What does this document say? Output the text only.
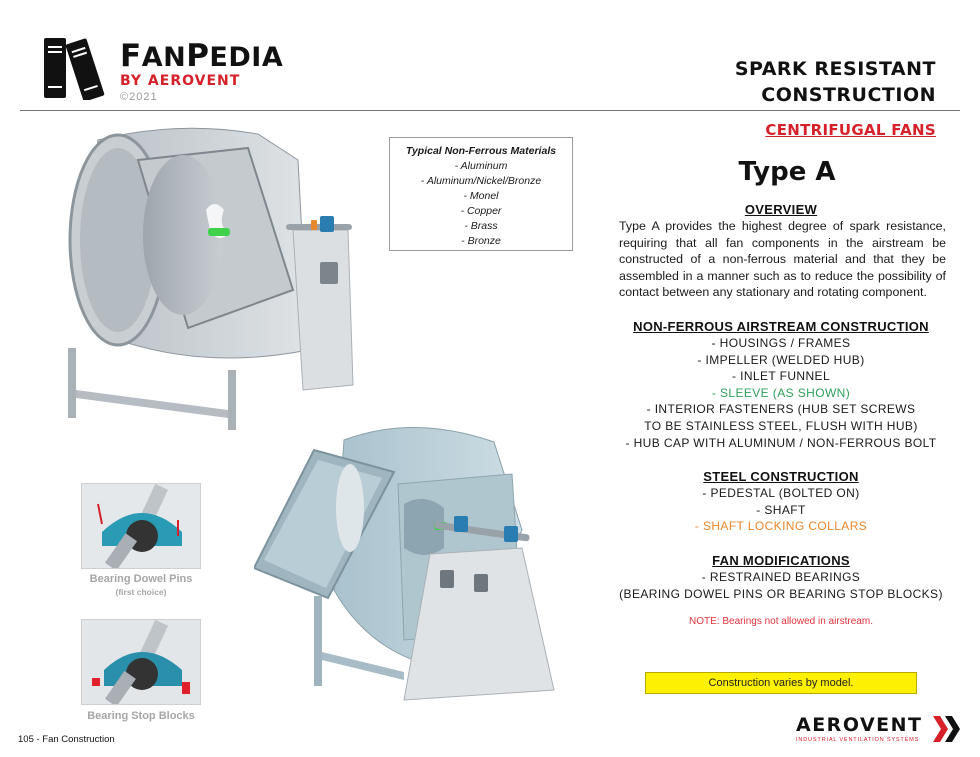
FANPEDIA
BY AEROVENT
©2021
SPARK RESISTANT
CONSTRUCTION
CENTRIFUGAL FANS
Typical Non-Ferrous Materials
- Aluminum
- Aluminum/Nickel/Bronze
- Monel
- Copper
- Brass
- Bronze
Bearing Dowel Pins
(first choice)
Bearing Stop Blocks
Type A
OVERVIEW
Type A provides the highest degree of spark resistance, requiring that all fan components in the airstream be constructed of a non-ferrous material and that they be assembled in a manner such as to reduce the possibility of contact between any stationary and rotating component.
NON-FERROUS AIRSTREAM CONSTRUCTION
- HOUSINGS / FRAMES
- IMPELLER (WELDED HUB)
- INLET FUNNEL
- SLEEVE (AS SHOWN)
- INTERIOR FASTENERS (HUB SET SCREWS
TO BE STAINLESS STEEL, FLUSH WITH HUB)
- HUB CAP WITH ALUMINUM / NON-FERROUS BOLT
STEEL CONSTRUCTION
- PEDESTAL (BOLTED ON)
- SHAFT
- SHAFT LOCKING COLLARS
FAN MODIFICATIONS
- RESTRAINED BEARINGS
(BEARING DOWEL PINS OR BEARING STOP BLOCKS)
NOTE: Bearings not allowed in airstream.
Construction varies by model.
105 - Fan Construction
AEROVENT
INDUSTRIAL VENTILATION SYSTEMS
